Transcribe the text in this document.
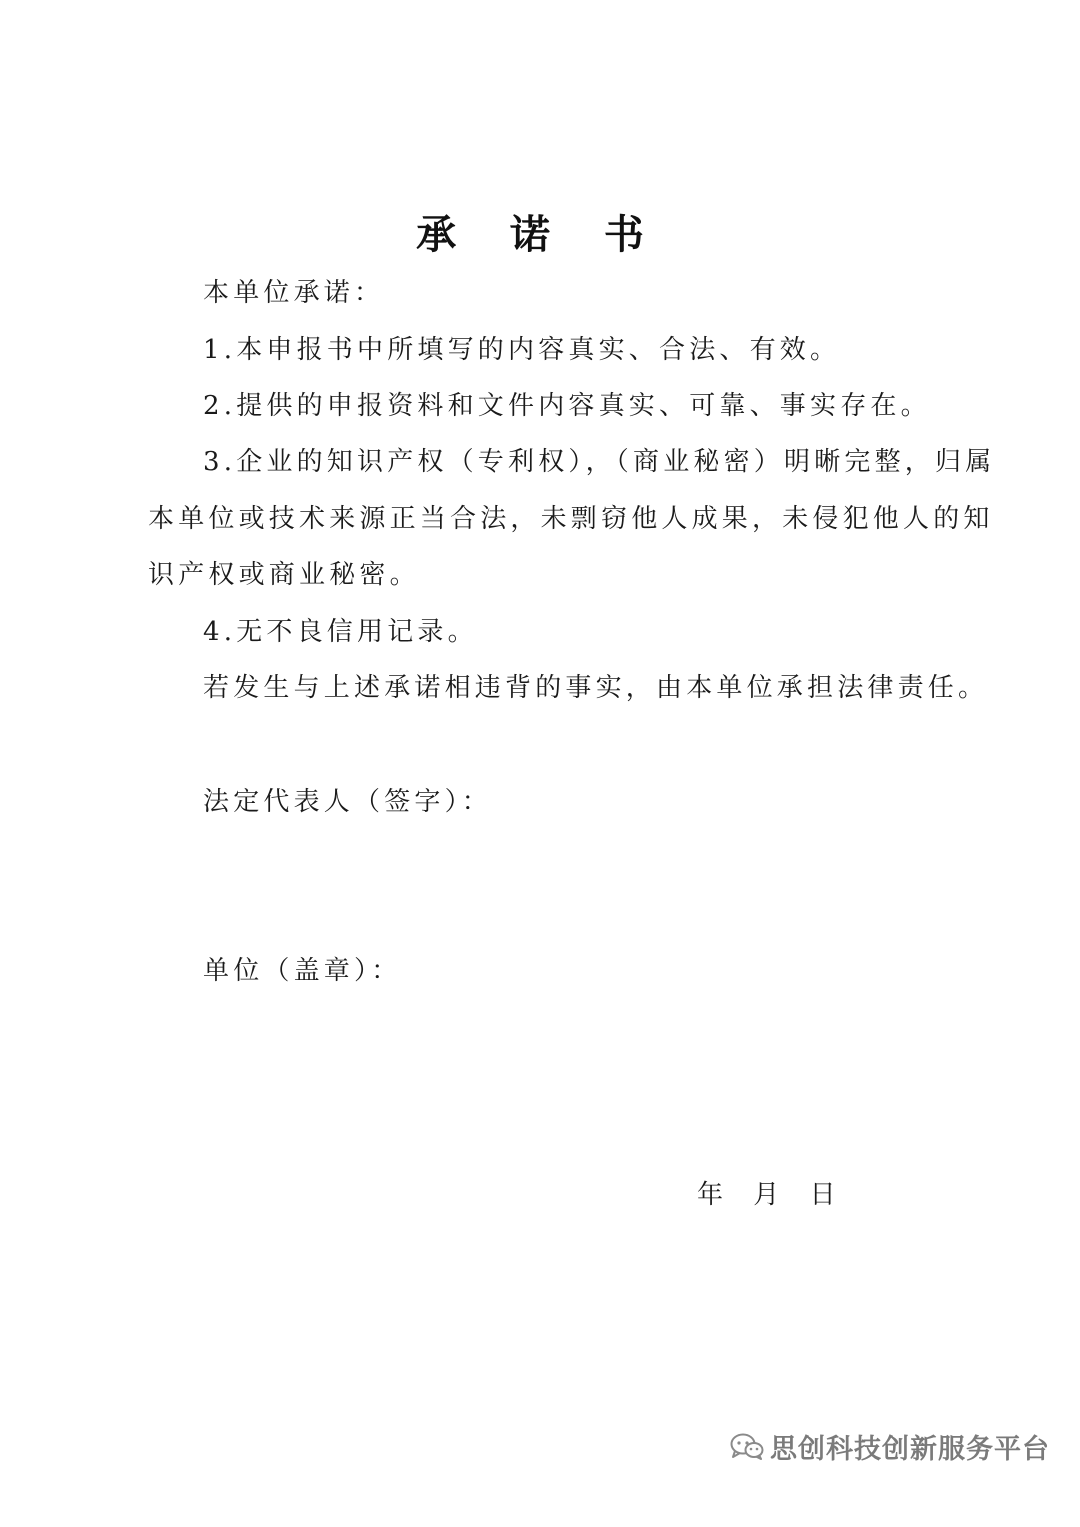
承 诺 书
本单位承诺：
1.本申报书中所填写的内容真实、合法、有效。
2.提供的申报资料和文件内容真实、可靠、事实存在。
3.企业的知识产权（专利权），（商业秘密）明晰完整，归属
本单位或技术来源正当合法，未剽窃他人成果，未侵犯他人的知
识产权或商业秘密。
4.无不良信用记录。
若发生与上述承诺相违背的事实，由本单位承担法律责任。
法定代表人（签字）：
单位（盖章）：
年 月 日
思创科技创新服务平台
